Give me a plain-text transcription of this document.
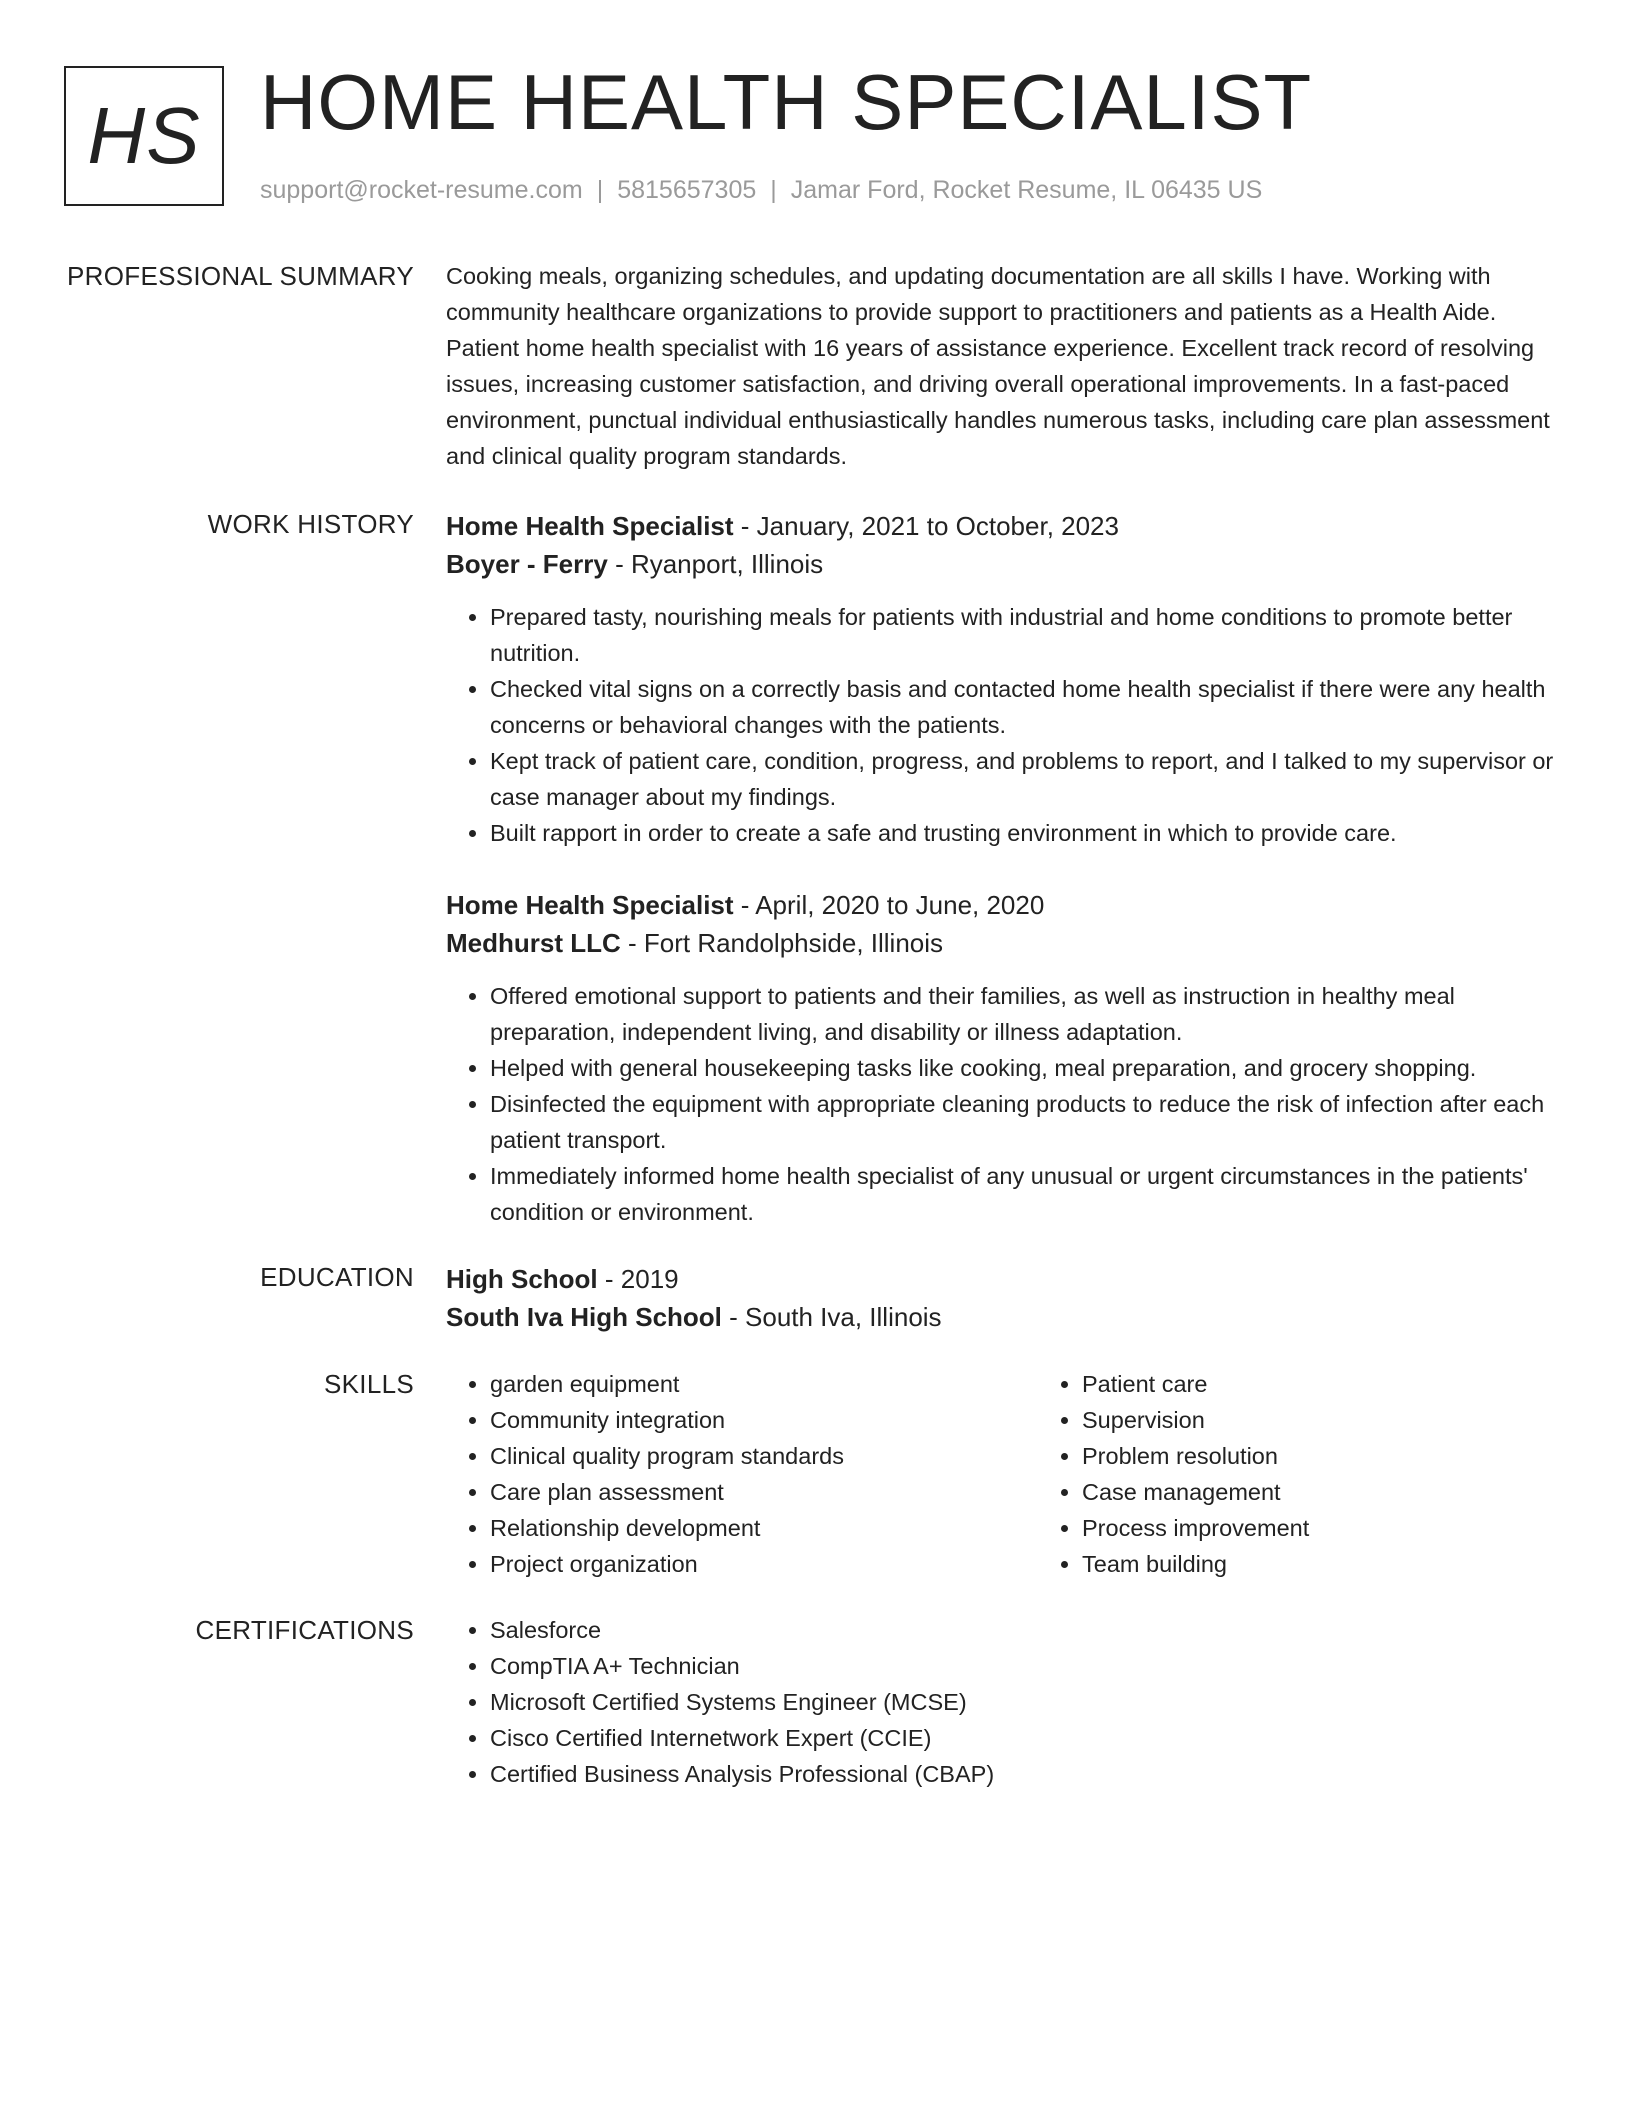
HS HOME HEALTH SPECIALIST
support@rocket-resume.com | 5815657305 | Jamar Ford, Rocket Resume, IL 06435 US
PROFESSIONAL SUMMARY Cooking meals, organizing schedules, and updating documentation are all skills I have. Working with community healthcare organizations to provide support to practitioners and patients as a Health Aide. Patient home health specialist with 16 years of assistance experience. Excellent track record of resolving issues, increasing customer satisfaction, and driving overall operational improvements. In a fast-paced environment, punctual individual enthusiastically handles numerous tasks, including care plan assessment and clinical quality program standards.

WORK HISTORY Home Health Specialist - January, 2021 to October, 2023

Boyer - Ferry - Ryanport, Illinois

• Prepared tasty, nourishing meals for patients with industrial and home conditions to promote better nutrition.
• Checked vital signs on a correctly basis and contacted home health specialist if there were any health concerns or behavioral changes with the patients.
• Kept track of patient care, condition, progress, and problems to report, and I talked to my supervisor or case manager about my findings.
• Built rapport in order to create a safe and trusting environment in which to provide care.

Home Health Specialist - April, 2020 to June, 2020

Medhurst LLC - Fort Randolphside, Illinois

• Offered emotional support to patients and their families, as well as instruction in healthy meal preparation, independent living, and disability or illness adaptation.
• Helped with general housekeeping tasks like cooking, meal preparation, and grocery shopping.
• Disinfected the equipment with appropriate cleaning products to reduce the risk of infection after each patient transport.
• Immediately informed home health specialist of any unusual or urgent circumstances in the patients' condition or environment.
EDUCATION High School - 2019

South Iva High School - South Iva, Illinois

SKILLS	• garden equipment
• Community integration
• Clinical quality program standards
• Care plan assessment
• Relationship development
• Project organization
• Patient care
• Supervision
• Problem resolution
• Case management
• Process improvement
• Team building
CERTIFICATIONS	• Salesforce
• CompTIA A+ Technician
• Microsoft Certified Systems Engineer (MCSE)
• Cisco Certified Internetwork Expert (CCIE)
• Certified Business Analysis Professional (CBAP)
